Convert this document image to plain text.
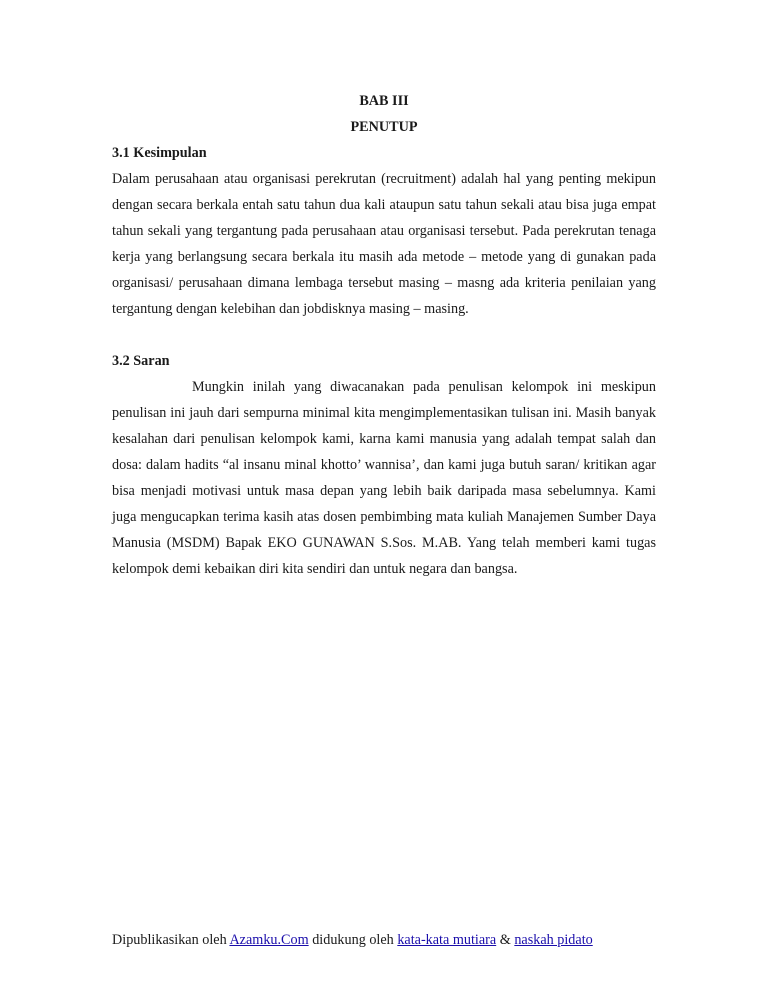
BAB III

PENUTUP

3.1 Kesimpulan

Dalam perusahaan atau organisasi perekrutan (recruitment) adalah hal yang penting mekipun dengan secara berkala entah satu tahun dua kali ataupun satu tahun sekali atau bisa juga empat tahun sekali yang tergantung pada perusahaan atau organisasi tersebut. Pada perekrutan tenaga kerja yang berlangsung secara berkala itu masih ada metode – metode yang di gunakan pada organisasi/ perusahaan dimana lembaga tersebut masing – masng ada kriteria penilaian yang tergantung dengan kelebihan dan jobdisknya masing – masing.

3.2 Saran

Mungkin inilah yang diwacanakan pada penulisan kelompok ini meskipun penulisan ini jauh dari sempurna minimal kita mengimplementasikan tulisan ini. Masih banyak kesalahan dari penulisan kelompok kami, karna kami manusia yang adalah tempat salah dan dosa: dalam hadits “al insanu minal khotto’ wannisa’, dan kami juga butuh saran/ kritikan agar bisa menjadi motivasi untuk masa depan yang lebih baik daripada masa sebelumnya. Kami juga mengucapkan terima kasih atas dosen pembimbing mata kuliah Manajemen Sumber Daya Manusia (MSDM) Bapak EKO GUNAWAN S.Sos. M.AB. Yang telah memberi kami tugas kelompok demi kebaikan diri kita sendiri dan untuk negara dan bangsa.

Dipublikasikan oleh Azamku.Com didukung oleh kata-kata mutiara & naskah pidato
